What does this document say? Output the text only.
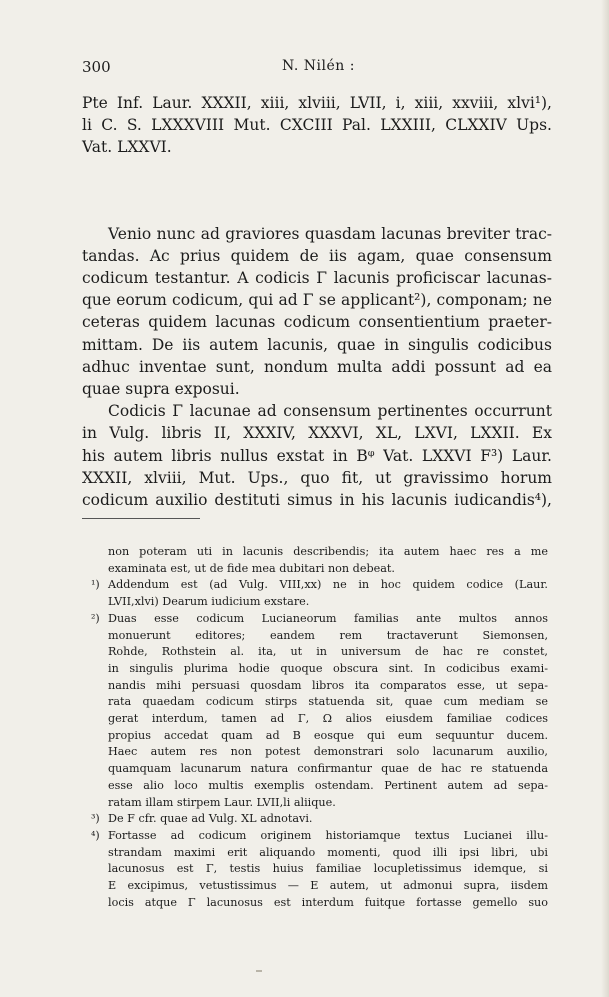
300	N. Nilén :
Pte Inf. Laur. XXXII, xiii, xlviii, LVII, i, xiii, xxviii, xlvi¹),
li C. S. LXXXVIII Mut. CXCIII Pal. LXXIII, CLXXIV Ups.
Vat. LXXVI.
Venio nunc ad graviores quasdam lacunas breviter trac-
tandas. Ac prius quidem de iis agam, quae consensum
codicum testantur. A codicis Γ lacunis proficiscar lacunas-
que eorum codicum, qui ad Γ se applicant²), componam; ne
ceteras quidem lacunas codicum consentientium praeter-
mittam. De iis autem lacunis, quae in singulis codicibus
adhuc inventae sunt, nondum multa addi possunt ad ea
quae supra exposui.
Codicis Γ lacunae ad consensum pertinentes occurrunt
in Vulg. libris II, XXXIV, XXXVI, XL, LXVI, LXXII. Ex
his autem libris nullus exstat in Bᵠ Vat. LXXVI F³) Laur.
XXXII, xlviii, Mut. Ups., quo fit, ut gravissimo horum
codicum auxilio destituti simus in his lacunis iudicandis⁴),
non poteram uti in lacunis describendis; ita autem haec res a me
examinata est, ut de fide mea dubitari non debeat.
¹) Addendum est (ad Vulg. VIII,xx) ne in hoc quidem codice (Laur.
LVII,xlvi) Dearum iudicium exstare.
²) Duas esse codicum Lucianeorum familias ante multos annos
monuerunt editores; eandem rem tractaverunt Siemonsen,
Rohde, Rothstein al. ita, ut in universum de hac re constet,
in singulis plurima hodie quoque obscura sint. In codicibus exami-
nandis mihi persuasi quosdam libros ita comparatos esse, ut sepa-
rata quaedam codicum stirps statuenda sit, quae cum mediam se
gerat interdum, tamen ad Γ, Ω alios eiusdem familiae codices
propius accedat quam ad B eosque qui eum sequuntur ducem.
Haec autem res non potest demonstrari solo lacunarum auxilio,
quamquam lacunarum natura confirmantur quae de hac re statuenda
esse alio loco multis exemplis ostendam. Pertinent autem ad sepa-
ratam illam stirpem Laur. LVII,li aliique.
³) De F cfr. quae ad Vulg. XL adnotavi.
⁴) Fortasse ad codicum originem historiamque textus Lucianei illu-
strandam maximi erit aliquando momenti, quod illi ipsi libri, ubi
lacunosus est Γ, testis huius familiae locupletissimus idemque, si
E excipimus, vetustissimus — E autem, ut admonui supra, iisdem
locis atque Γ lacunosus est interdum fuitque fortasse gemello suo
